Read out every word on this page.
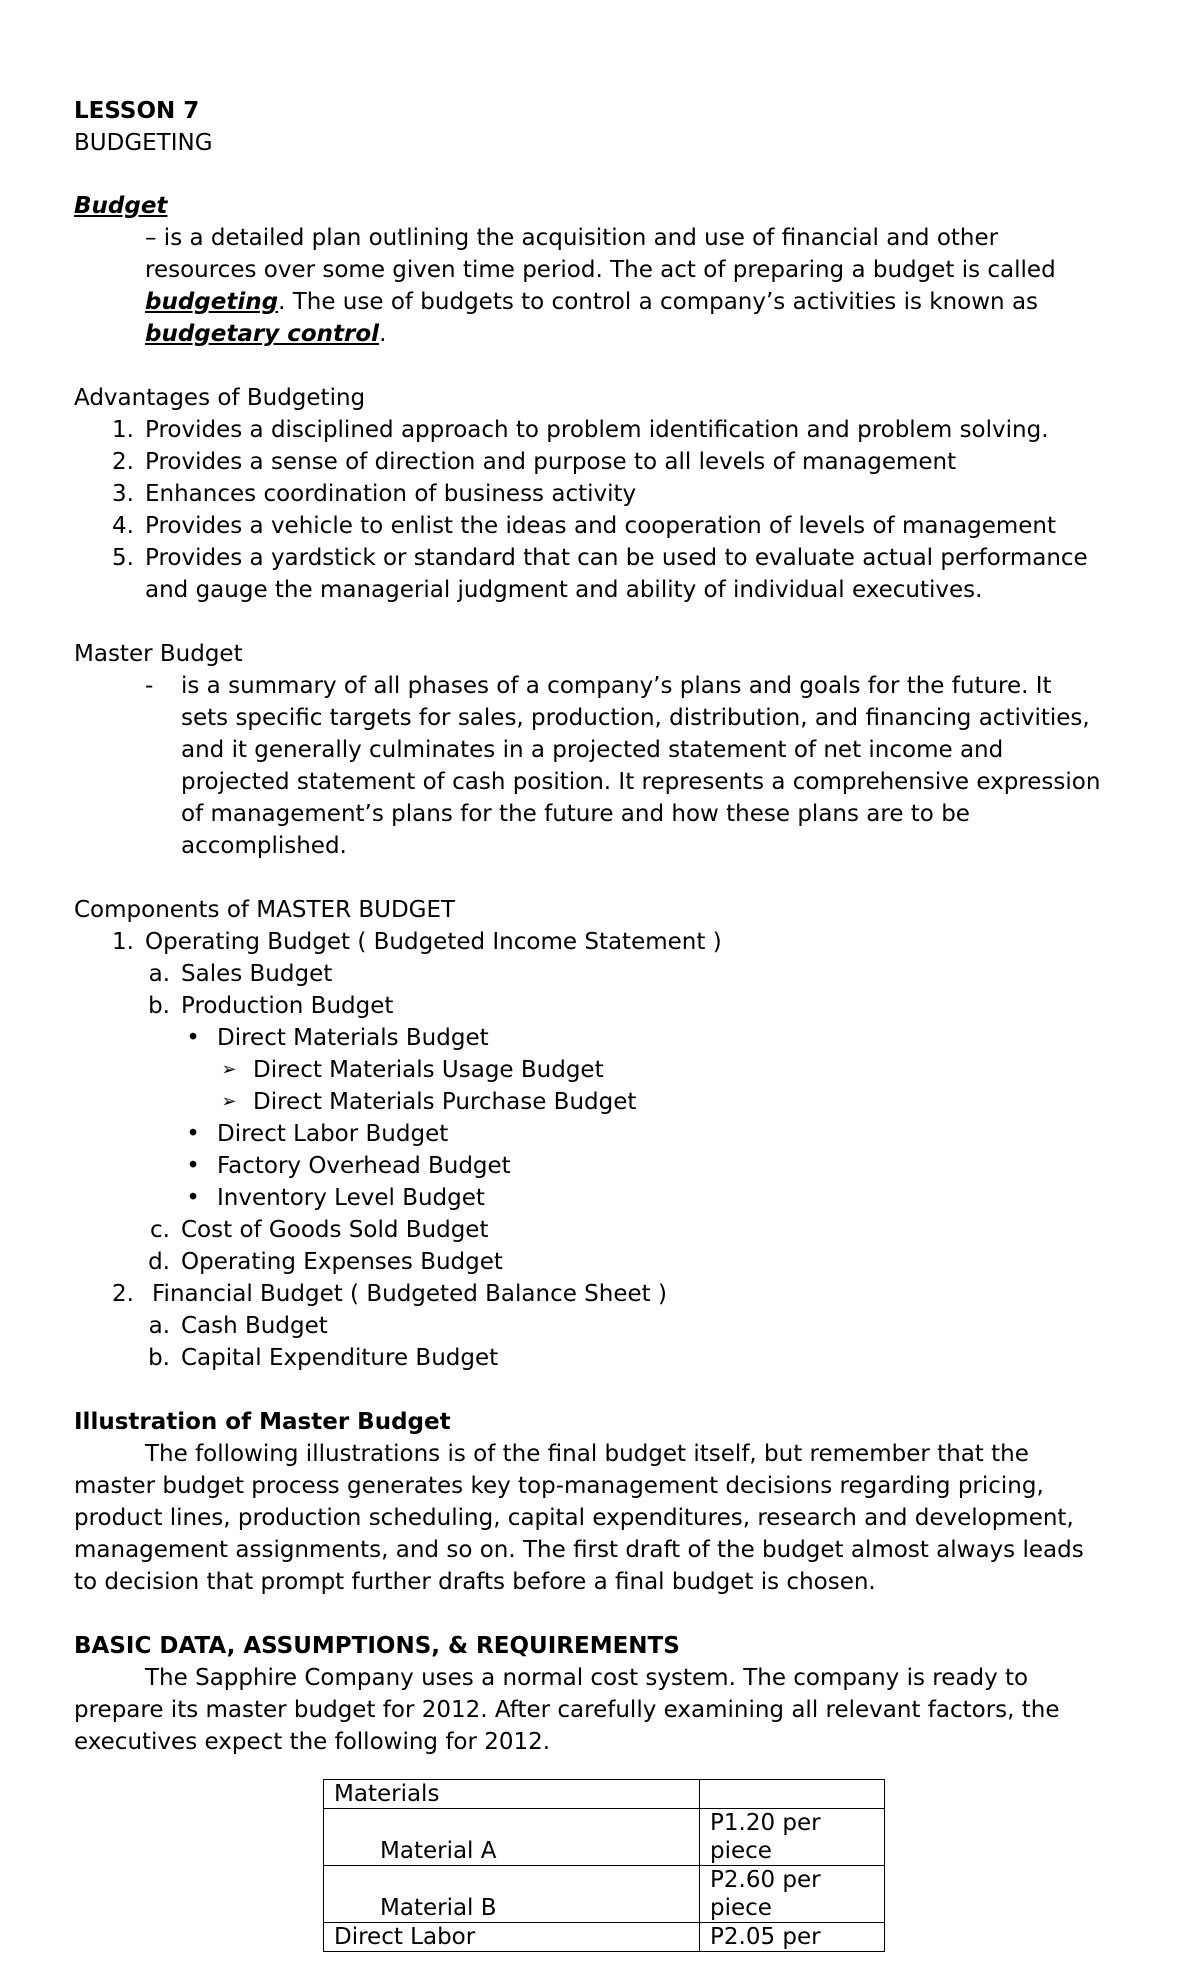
LESSON 7
BUDGETING
Budget
– is a detailed plan outlining the acquisition and use of financial and other
resources over some given time period. The act of preparing a budget is called
budgeting. The use of budgets to control a company’s activities is known as
budgetary control.
Advantages of Budgeting
1. Provides a disciplined approach to problem identification and problem solving.
2. Provides a sense of direction and purpose to all levels of management
3. Enhances coordination of business activity
4. Provides a vehicle to enlist the ideas and cooperation of levels of management
5. Provides a yardstick or standard that can be used to evaluate actual performance
and gauge the managerial judgment and ability of individual executives.
Master Budget
- is a summary of all phases of a company’s plans and goals for the future. It
sets specific targets for sales, production, distribution, and financing activities,
and it generally culminates in a projected statement of net income and
projected statement of cash position. It represents a comprehensive expression
of management’s plans for the future and how these plans are to be
accomplished.
Components of MASTER BUDGET
1. Operating Budget ( Budgeted Income Statement )
a. Sales Budget
b. Production Budget
• Direct Materials Budget
➢ Direct Materials Usage Budget
➢ Direct Materials Purchase Budget
• Direct Labor Budget
• Factory Overhead Budget
• Inventory Level Budget
c. Cost of Goods Sold Budget
d. Operating Expenses Budget
2. Financial Budget ( Budgeted Balance Sheet )
a. Cash Budget
b. Capital Expenditure Budget
Illustration of Master Budget
The following illustrations is of the final budget itself, but remember that the
master budget process generates key top-management decisions regarding pricing,
product lines, production scheduling, capital expenditures, research and development,
management assignments, and so on. The first draft of the budget almost always leads
to decision that prompt further drafts before a final budget is chosen.
BASIC DATA, ASSUMPTIONS, & REQUIREMENTS
The Sapphire Company uses a normal cost system. The company is ready to
prepare its master budget for 2012. After carefully examining all relevant factors, the
executives expect the following for 2012.
Materials	
Material A	P1.20 per
piece

Material B	P2.60 per
piece

Direct Labor	P2.05 per
